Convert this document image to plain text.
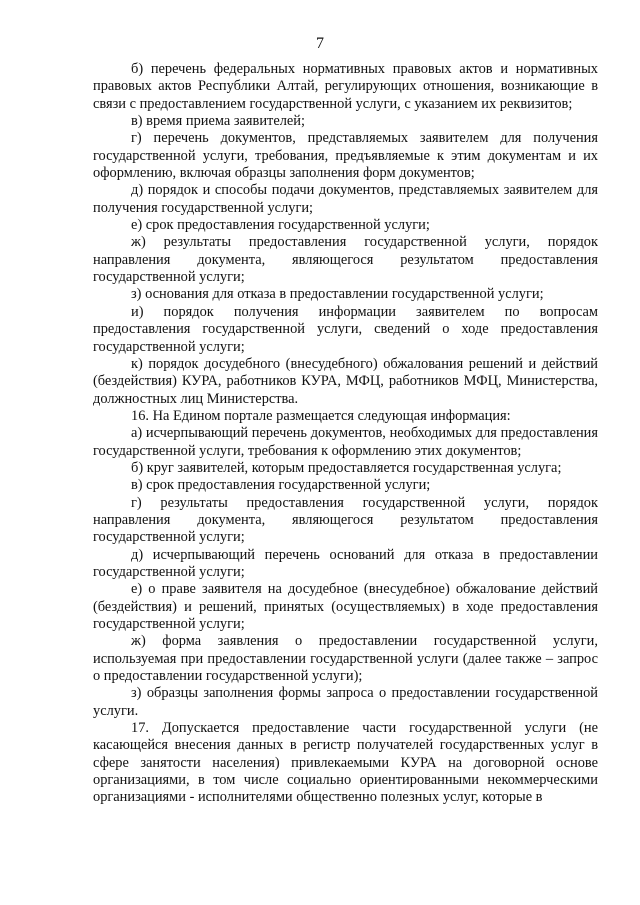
7

б) перечень федеральных нормативных правовых актов и нормативных правовых актов Республики Алтай, регулирующих отношения, возникающие в связи с предоставлением государственной услуги, с указанием их реквизитов;

в) время приема заявителей;

г) перечень документов, представляемых заявителем для получения государственной услуги, требования, предъявляемые к этим документам и их оформлению, включая образцы заполнения форм документов;

д) порядок и способы подачи документов, представляемых заявителем для получения государственной услуги;

е) срок предоставления государственной услуги;

ж) результаты предоставления государственной услуги, порядок направления документа, являющегося результатом предоставления государственной услуги;

з) основания для отказа в предоставлении государственной услуги;

и) порядок получения информации заявителем по вопросам предоставления государственной услуги, сведений о ходе предоставления государственной услуги;

к) порядок досудебного (внесудебного) обжалования решений и действий (бездействия) КУРА, работников КУРА, МФЦ, работников МФЦ, Министерства, должностных лиц Министерства.

16. На Едином портале размещается следующая информация:

а) исчерпывающий перечень документов, необходимых для предоставления государственной услуги, требования к оформлению этих документов;

б) круг заявителей, которым предоставляется государственная услуга;

в) срок предоставления государственной услуги;

г) результаты предоставления государственной услуги, порядок направления документа, являющегося результатом предоставления государственной услуги;

д) исчерпывающий перечень оснований для отказа в предоставлении государственной услуги;

е) о праве заявителя на досудебное (внесудебное) обжалование действий (бездействия) и решений, принятых (осуществляемых) в ходе предоставления государственной услуги;

ж) форма заявления о предоставлении государственной услуги, используемая при предоставлении государственной услуги (далее также – запрос о предоставлении государственной услуги);

з) образцы заполнения формы запроса о предоставлении государственной услуги.

17. Допускается предоставление части государственной услуги (не касающейся внесения данных в регистр получателей государственных услуг в сфере занятости населения) привлекаемыми КУРА на договорной основе организациями, в том числе социально ориентированными некоммерческими организациями - исполнителями общественно полезных услуг, которые в
